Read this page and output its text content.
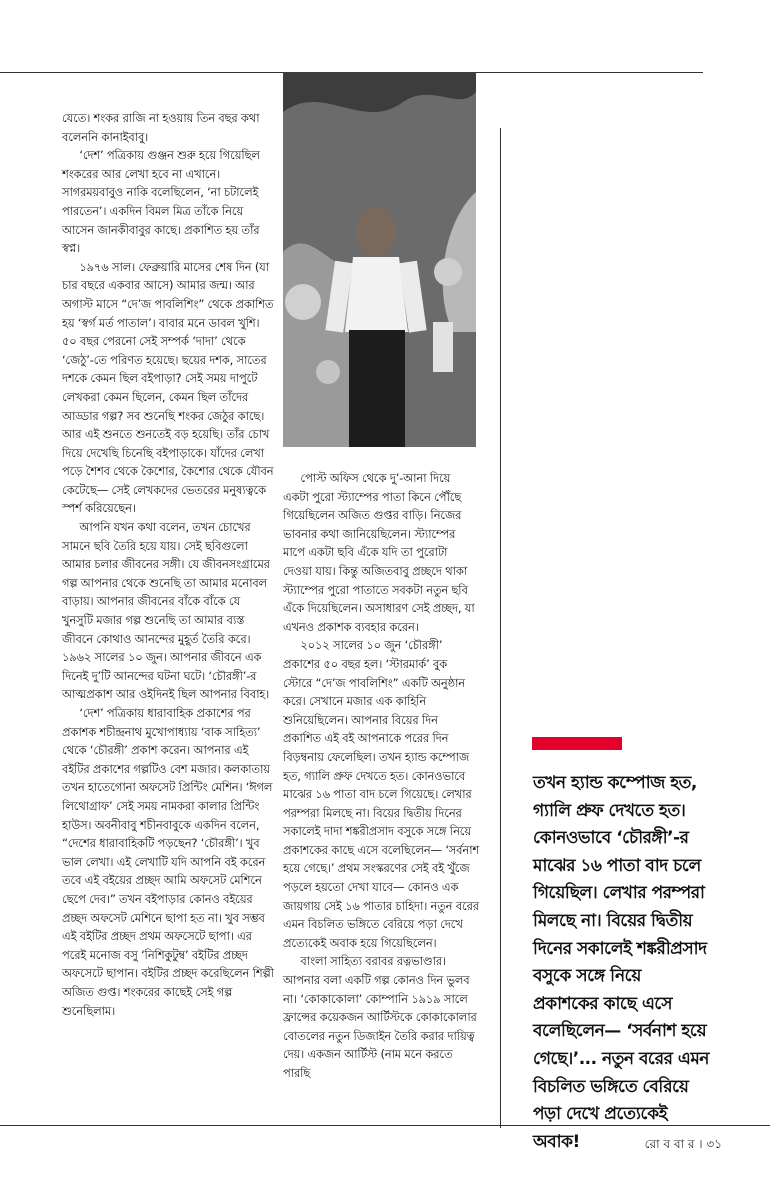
যেতে। শংকর রাজি না হওয়ায় তিন বছর কথা বলেননি কানাইবাবু।

‘দেশ’ পত্রিকায় গুঞ্জন শুরু হয়ে গিয়েছিল শংকরের আর লেখা হবে না এখানে। সাগরময়বাবুও নাকি বলেছিলেন, ‘না চটালেই পারতেন’। একদিন বিমল মিত্র তাঁকে নিয়ে আসেন জানকীবাবুর কাছে। প্রকাশিত হয় তাঁর স্বপ্ন।

১৯৭৬ সাল। ফেব্রুয়ারি মাসের শেষ দিন (যা চার বছরে একবার আসে) আমার জন্ম। আর অগাস্ট মাসে “দে’জ পাবলিশিং” থেকে প্রকাশিত হয় ‘স্বর্গ মর্ত পাতাল’। বাবার মনে ডাবল খুশি। ৫০ বছর পেরনো সেই সম্পর্ক ‘দাদা’ থেকে ‘জেঠু’-তে পরিণত হয়েছে। ছয়ের দশক, সাতের দশকে কেমন ছিল বইপাড়া? সেই সময় দাপুটে লেখকরা কেমন ছিলেন, কেমন ছিল তাঁদের আড্ডার গল্প? সব শুনেছি শংকর জেঠুর কাছে। আর এই শুনতে শুনতেই বড় হয়েছি। তাঁর চোখ দিয়ে দেখেছি চিনেছি বইপাড়াকে। যাঁদের লেখা পড়ে শৈশব থেকে কৈশোর, কৈশোর থেকে যৌবন কেটেছে— সেই লেখকদের ভেতরের মনুষ্যত্বকে স্পর্শ করিয়েছেন।

আপনি যখন কথা বলেন, তখন চোখের সামনে ছবি তৈরি হয়ে যায়। সেই ছবিগুলো আমার চলার জীবনের সঙ্গী। যে জীবনসংগ্রামের গল্প আপনার থেকে শুনেছি তা আমার মনোবল বাড়ায়। আপনার জীবনের বাঁকে বাঁকে যে খুনসুটি মজার গল্প শুনেছি তা আমার ব্যস্ত জীবনে কোথাও আনন্দের মুহূর্ত তৈরি করে। ১৯৬২ সালের ১০ জুন। আপনার জীবনে এক দিনেই দু’টি আনন্দের ঘটনা ঘটে। ‘চৌরঙ্গী’-র আত্মপ্রকাশ আর ওইদিনই ছিল আপনার বিবাহ।

‘দেশ’ পত্রিকায় ধারাবাহিক প্রকাশের পর প্রকাশক শচীন্দ্রনাথ মুখোপাধ্যায় ‘বাক সাহিত্য’ থেকে ‘চৌরঙ্গী’ প্রকাশ করেন। আপনার এই বইটির প্রকাশের গল্পটিও বেশ মজার। কলকাতায় তখন হাতেগোনা অফসেট প্রিন্টিং মেশিন। ‘ঈগল লিথোগ্রাফ’ সেই সময় নামকরা কালার প্রিন্টিং হাউস। অবনীবাবু শচীনবাবুকে একদিন বলেন, “দেশের ধারাবাহিকটি পড়ছেন? ‘চৌরঙ্গী’। খুব ভাল লেখা। এই লেখাটি যদি আপনি বই করেন তবে এই বইয়ের প্রচ্ছদ আমি অফসেট মেশিনে ছেপে দেব।” তখন বইপাড়ার কোনও বইয়ের প্রচ্ছদ অফসেট মেশিনে ছাপা হত না। খুব সম্ভব এই বইটির প্রচ্ছদ প্রথম অফসেটে ছাপা। এর পরেই মনোজ বসু ‘নিশিকুটুম্ব’ বইটির প্রচ্ছদ অফসেটে ছাপান। বইটির প্রচ্ছদ করেছিলেন শিল্পী অজিত গুপ্ত। শংকরের কাছেই সেই গল্প শুনেছিলাম।

পোস্ট অফিস থেকে দু’-আনা দিয়ে একটা পুরো স্ট্যাম্পের পাতা কিনে পৌঁছে গিয়েছিলেন অজিত গুপ্তর বাড়ি। নিজের ভাবনার কথা জানিয়েছিলেন। স্ট্যাম্পের মাপে একটা ছবি এঁকে যদি তা পুরোটা দেওয়া যায়। কিন্তু অজিতবাবু প্রচ্ছদে থাকা স্ট্যাম্পের পুরো পাতাতে সবকটা নতুন ছবি এঁকে দিয়েছিলেন। অসাধারণ সেই প্রচ্ছদ, যা এখনও প্রকাশক ব্যবহার করেন।

২০১২ সালের ১০ জুন ‘চৌরঙ্গী’ প্রকাশের ৫০ বছর হল। ‘স্টারমার্ক’ বুক স্টোরে “দে’জ পাবলিশিং” একটি অনুষ্ঠান করে। সেখানে মজার এক কাহিনি শুনিয়েছিলেন। আপনার বিয়ের দিন প্রকাশিত এই বই আপনাকে পরের দিন বিড়ম্বনায় ফেলেছিল। তখন হ্যান্ড কম্পোজ হত, গ্যালি প্রুফ দেখতে হত। কোনওভাবে মাঝের ১৬ পাতা বাদ চলে গিয়েছে। লেখার পরম্পরা মিলছে না। বিয়ের দ্বিতীয় দিনের সকালেই দাদা শঙ্করীপ্রসাদ বসুকে সঙ্গে নিয়ে প্রকাশকের কাছে এসে বলেছিলেন— ‘সর্বনাশ হয়ে গেছে।’ প্রথম সংস্করণের সেই বই খুঁজে পড়লে হয়তো দেখা যাবে— কোনও এক জায়গায় সেই ১৬ পাতার চাহিদা। নতুন বরের এমন বিচলিত ভঙ্গিতে বেরিয়ে পড়া দেখে প্রত্যেকেই অবাক হয়ে গিয়েছিলেন।

বাংলা সাহিত্য বরাবর রত্নভাণ্ডার। আপনার বলা একটি গল্প কোনও দিন ভুলব না। ‘কোকাকোলা’ কোম্পানি ১৯১৯ সালে ফ্রান্সের কয়েকজন আর্টিস্টকে কোকাকোলার বোতলের নতুন ডিজাইন তৈরি করার দায়িত্ব দেয়। একজন আর্টিস্ট (নাম মনে করতে পারছি

তখন হ্যান্ড কম্পোজ হত, গ্যালি প্রুফ দেখতে হত। কোনওভাবে ‘চৌরঙ্গী’-র মাঝের ১৬ পাতা বাদ চলে গিয়েছিল। লেখার পরম্পরা মিলছে না। বিয়ের দ্বিতীয় দিনের সকালেই শঙ্করীপ্রসাদ বসুকে সঙ্গে নিয়ে প্রকাশকের কাছে এসে বলেছিলেন— ‘সর্বনাশ হয়ে গেছে।’... নতুন বরের এমন বিচলিত ভঙ্গিতে বেরিয়ে পড়া দেখে প্রত্যেকেই অবাক!	রো ব বা র । ৩১
